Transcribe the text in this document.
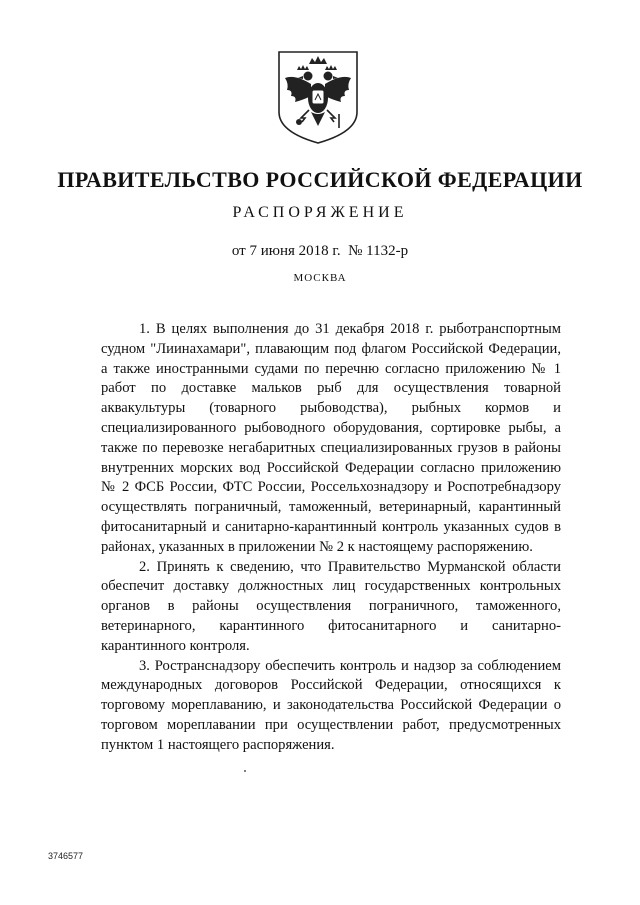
ПРАВИТЕЛЬСТВО РОССИЙСКОЙ ФЕДЕРАЦИИ
РАСПОРЯЖЕНИЕ
от 7 июня 2018 г.  № 1132-р
МОСКВА

1. В целях выполнения до 31 декабря 2018 г. рыботранспортным судном "Лиинахамари", плавающим под флагом Российской Федерации, а также иностранными судами по перечню согласно приложению № 1 работ по доставке мальков рыб для осуществления товарной аквакультуры (товарного рыбоводства), рыбных кормов и специализированного рыбоводного оборудования, сортировке рыбы, а также по перевозке негабаритных специализированных грузов в районы внутренних морских вод Российской Федерации согласно приложению № 2 ФСБ России, ФТС России, Россельхознадзору и Роспотребнадзору осуществлять пограничный, таможенный, ветеринарный, карантинный фитосанитарный и санитарно-карантинный контроль указанных судов в районах, указанных в приложении № 2 к настоящему распоряжению.

2. Принять к сведению, что Правительство Мурманской области обеспечит доставку должностных лиц государственных контрольных органов в районы осуществления пограничного, таможенного, ветеринарного, карантинного фитосанитарного и санитарно-карантинного контроля.

3. Ространснадзору обеспечить контроль и надзор за соблюдением международных договоров Российской Федерации, относящихся к торговому мореплаванию, и законодательства Российской Федерации о торговом мореплавании при осуществлении работ, предусмотренных пунктом 1 настоящего распоряжения.

3746577
